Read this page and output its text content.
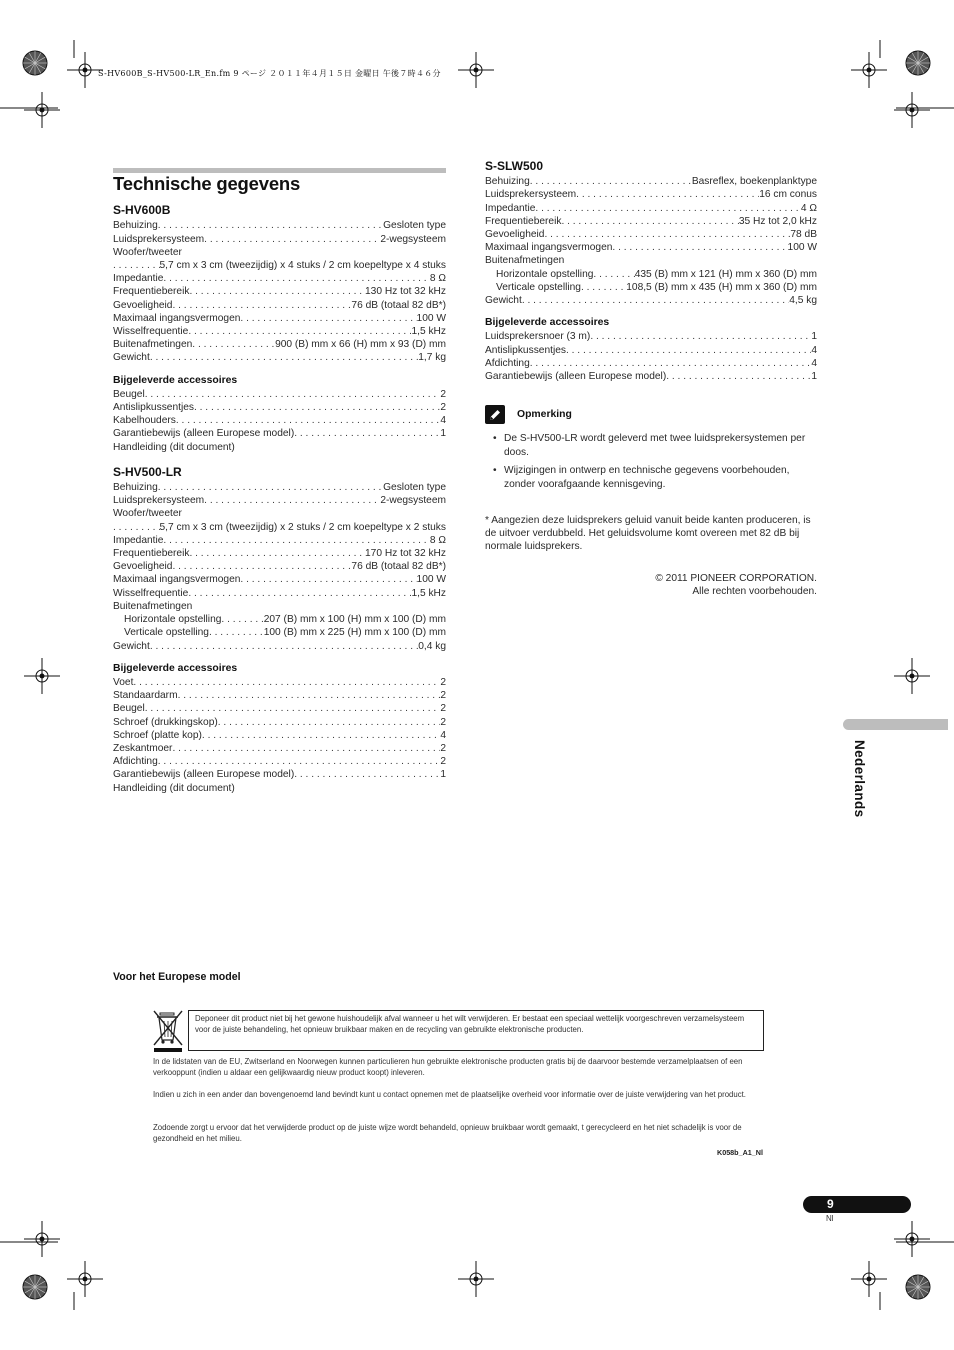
S-HV600B_S-HV500-LR_En.fm 9 ページ ２０１１年４月１５日 金曜日 午後７時４６分
Technische gegevens
S-HV600B
Behuizing . . .	Gesloten type
Luidsprekersysteem . . .	2-wegsysteem
Woofer/tweeter
. . .
5,7 cm x 3 cm (tweezijdig) x 4 stuks / 2 cm koepeltype x 4 stuks
Impedantie . . .	8 Ω
Frequentiebereik . . .	130 Hz tot 32 kHz
Gevoeligheid . . .	76 dB (totaal 82 dB*)
Maximaal ingangsvermogen . . .	100 W
Wisselfrequentie . . .	1,5 kHz
Buitenafmetingen . . .	900 (B) mm x 66 (H) mm x 93 (D) mm
Gewicht . . .	1,7 kg
Bijgeleverde accessoires
Beugel . . .	2
Antislipkussentjes . . .	2
Kabelhouders . . .	4
Garantiebewijs (alleen Europese model) . . .	1
Handleiding (dit document)
S-HV500-LR
Behuizing . . .	Gesloten type
Luidsprekersysteem . . .	2-wegsysteem
Woofer/tweeter
. . .
5,7 cm x 3 cm (tweezijdig) x 2 stuks / 2 cm koepeltype x 2 stuks
Impedantie . . .	8 Ω
Frequentiebereik . . .	170 Hz tot 32 kHz
Gevoeligheid . . .	76 dB (totaal 82 dB*)
Maximaal ingangsvermogen . . .	100 W
Wisselfrequentie . . .	1,5 kHz
Buitenafmetingen
Horizontale opstelling . . .	207 (B) mm x 100 (H) mm x 100 (D) mm
Verticale opstelling . . .	100 (B) mm x 225 (H) mm x 100 (D) mm
Gewicht . . .	0,4 kg
Bijgeleverde accessoires
Voet . . .	2
Standaardarm . . .	2
Beugel . . .	2
Schroef (drukkingskop) . . .	2
Schroef (platte kop) . . .	4
Zeskantmoer . . .	2
Afdichting . . .	2
Garantiebewijs (alleen Europese model) . . .	1
Handleiding (dit document)
S-SLW500
Behuizing . . .	Basreflex, boekenplanktype
Luidsprekersysteem . . .	16 cm conus
Impedantie . . .	4 Ω
Frequentiebereik . . .	35 Hz tot 2,0 kHz
Gevoeligheid . . .	78 dB
Maximaal ingangsvermogen . . .	100 W
Buitenafmetingen
Horizontale opstelling . . .	435 (B) mm x 121 (H) mm x 360 (D) mm
Verticale opstelling . . .	108,5 (B) mm x 435 (H) mm x 360 (D) mm
Gewicht . . .	4,5 kg
Bijgeleverde accessoires
Luidsprekersnoer (3 m) . . .	1
Antislipkussentjes . . .	4
Afdichting . . .	4
Garantiebewijs (alleen Europese model) . . .	1
Opmerking
• De S-HV500-LR wordt geleverd met twee luidsprekersystemen per doos.
• Wijzigingen in ontwerp en technische gegevens voorbehouden, zonder voorafgaande kennisgeving.
* Aangezien deze luidsprekers geluid vanuit beide kanten produceren, is de uitvoer verdubbeld. Het geluidsvolume komt overeen met 82 dB bij normale luidsprekers.
© 2011 PIONEER CORPORATION.
Alle rechten voorbehouden.
Nederlands
Voor het Europese model
Deponeer dit product niet bij het gewone huishoudelijk afval wanneer u het wilt verwijderen. Er bestaat een speciaal wettelijk voorgeschreven verzamelsysteem voor de juiste behandeling, het opnieuw bruikbaar maken en de recycling van gebruikte elektronische producten.
In de lidstaten van de EU, Zwitserland en Noorwegen kunnen particulieren hun gebruikte elektronische producten gratis bij de daarvoor bestemde verzamelplaatsen of een verkooppunt (indien u aldaar een gelijkwaardig nieuw product koopt) inleveren.
Indien u zich in een ander dan bovengenoemd land bevindt kunt u contact opnemen met de plaatselijke overheid voor informatie over de juiste verwijdering van het product.
Zodoende zorgt u ervoor dat het verwijderde product op de juiste wijze wordt behandeld, opnieuw bruikbaar wordt gemaakt, t gerecycleerd en het niet schadelijk is voor de gezondheid en het milieu.
K058b_A1_Nl
9
Nl
